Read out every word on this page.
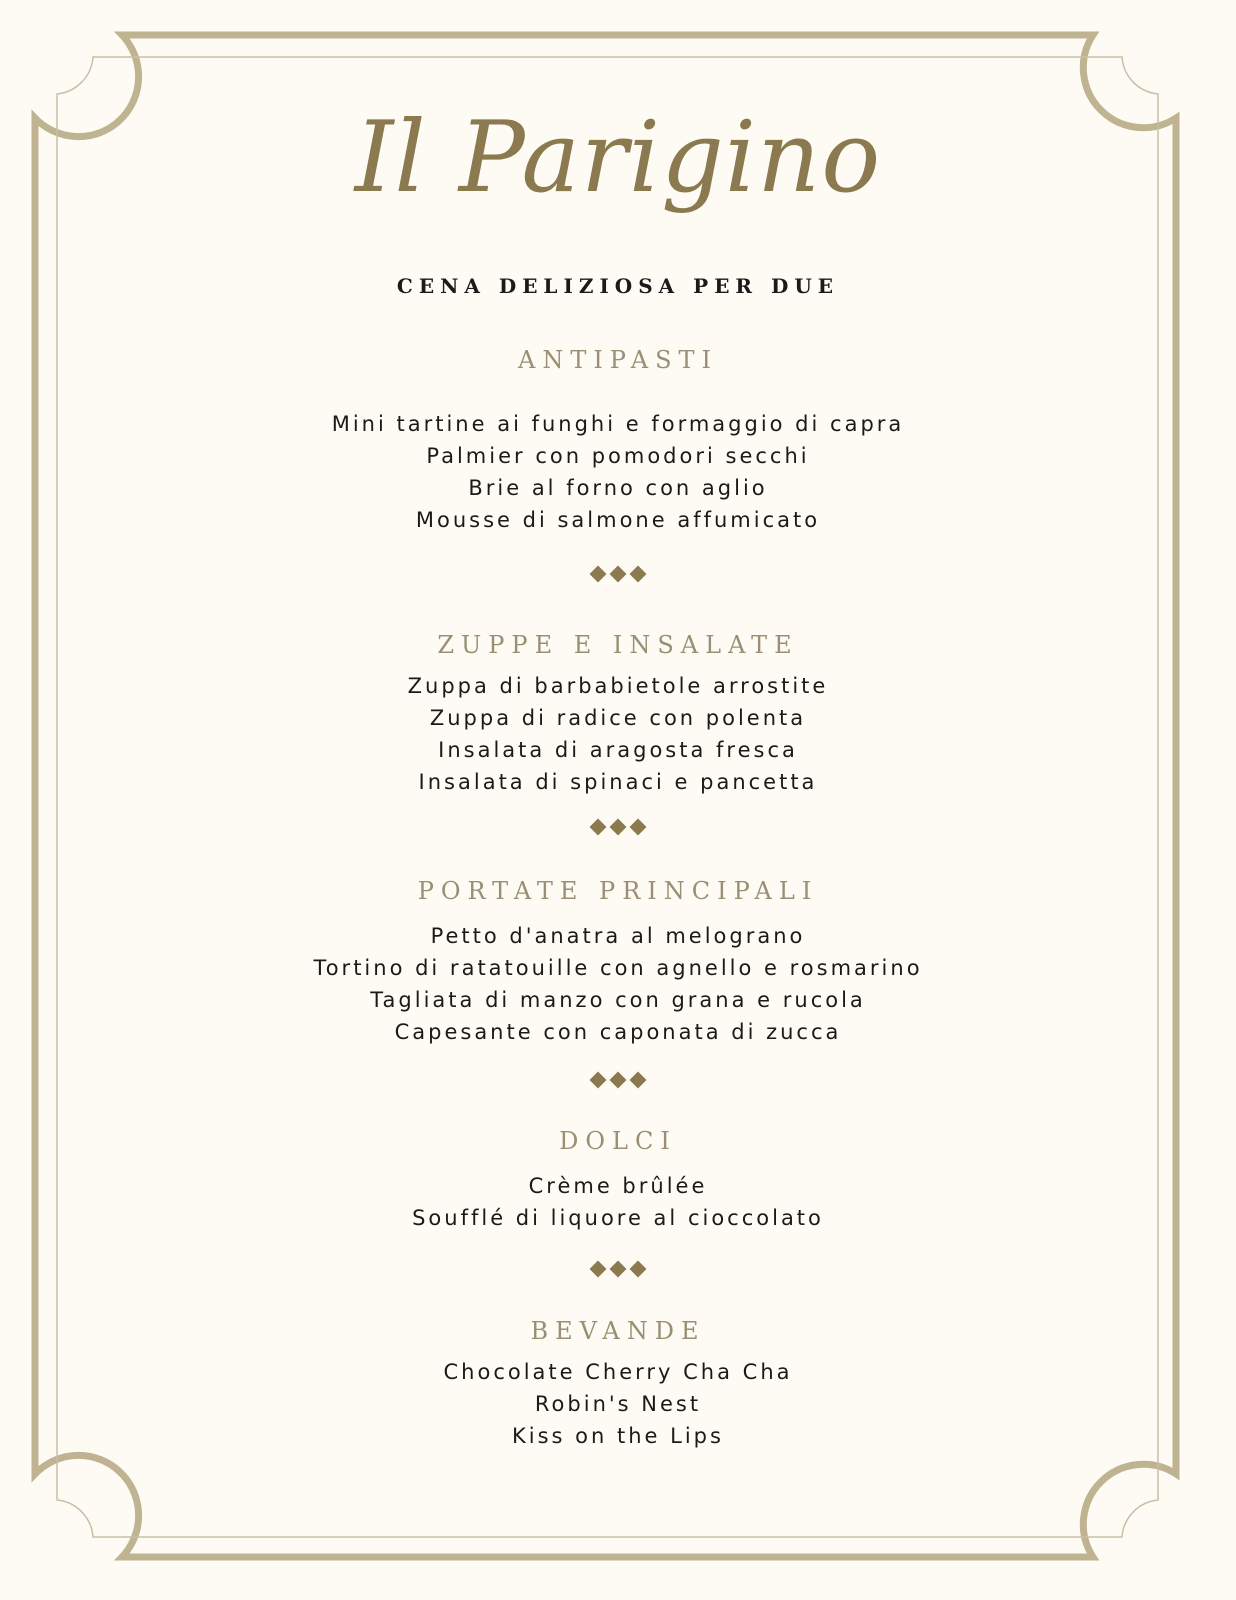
Il Parigino
CENA DELIZIOSA PER DUE
ANTIPASTI
Mini tartine ai funghi e formaggio di capra
Palmier con pomodori secchi
Brie al forno con aglio
Mousse di salmone affumicato
ZUPPE E INSALATE
Zuppa di barbabietole arrostite
Zuppa di radice con polenta
Insalata di aragosta fresca
Insalata di spinaci e pancetta
PORTATE PRINCIPALI
Petto d'anatra al melograno
Tortino di ratatouille con agnello e rosmarino
Tagliata di manzo con grana e rucola
Capesante con caponata di zucca
DOLCI
Crème brûlée
Soufflé di liquore al cioccolato
BEVANDE
Chocolate Cherry Cha Cha
Robin's Nest
Kiss on the Lips
